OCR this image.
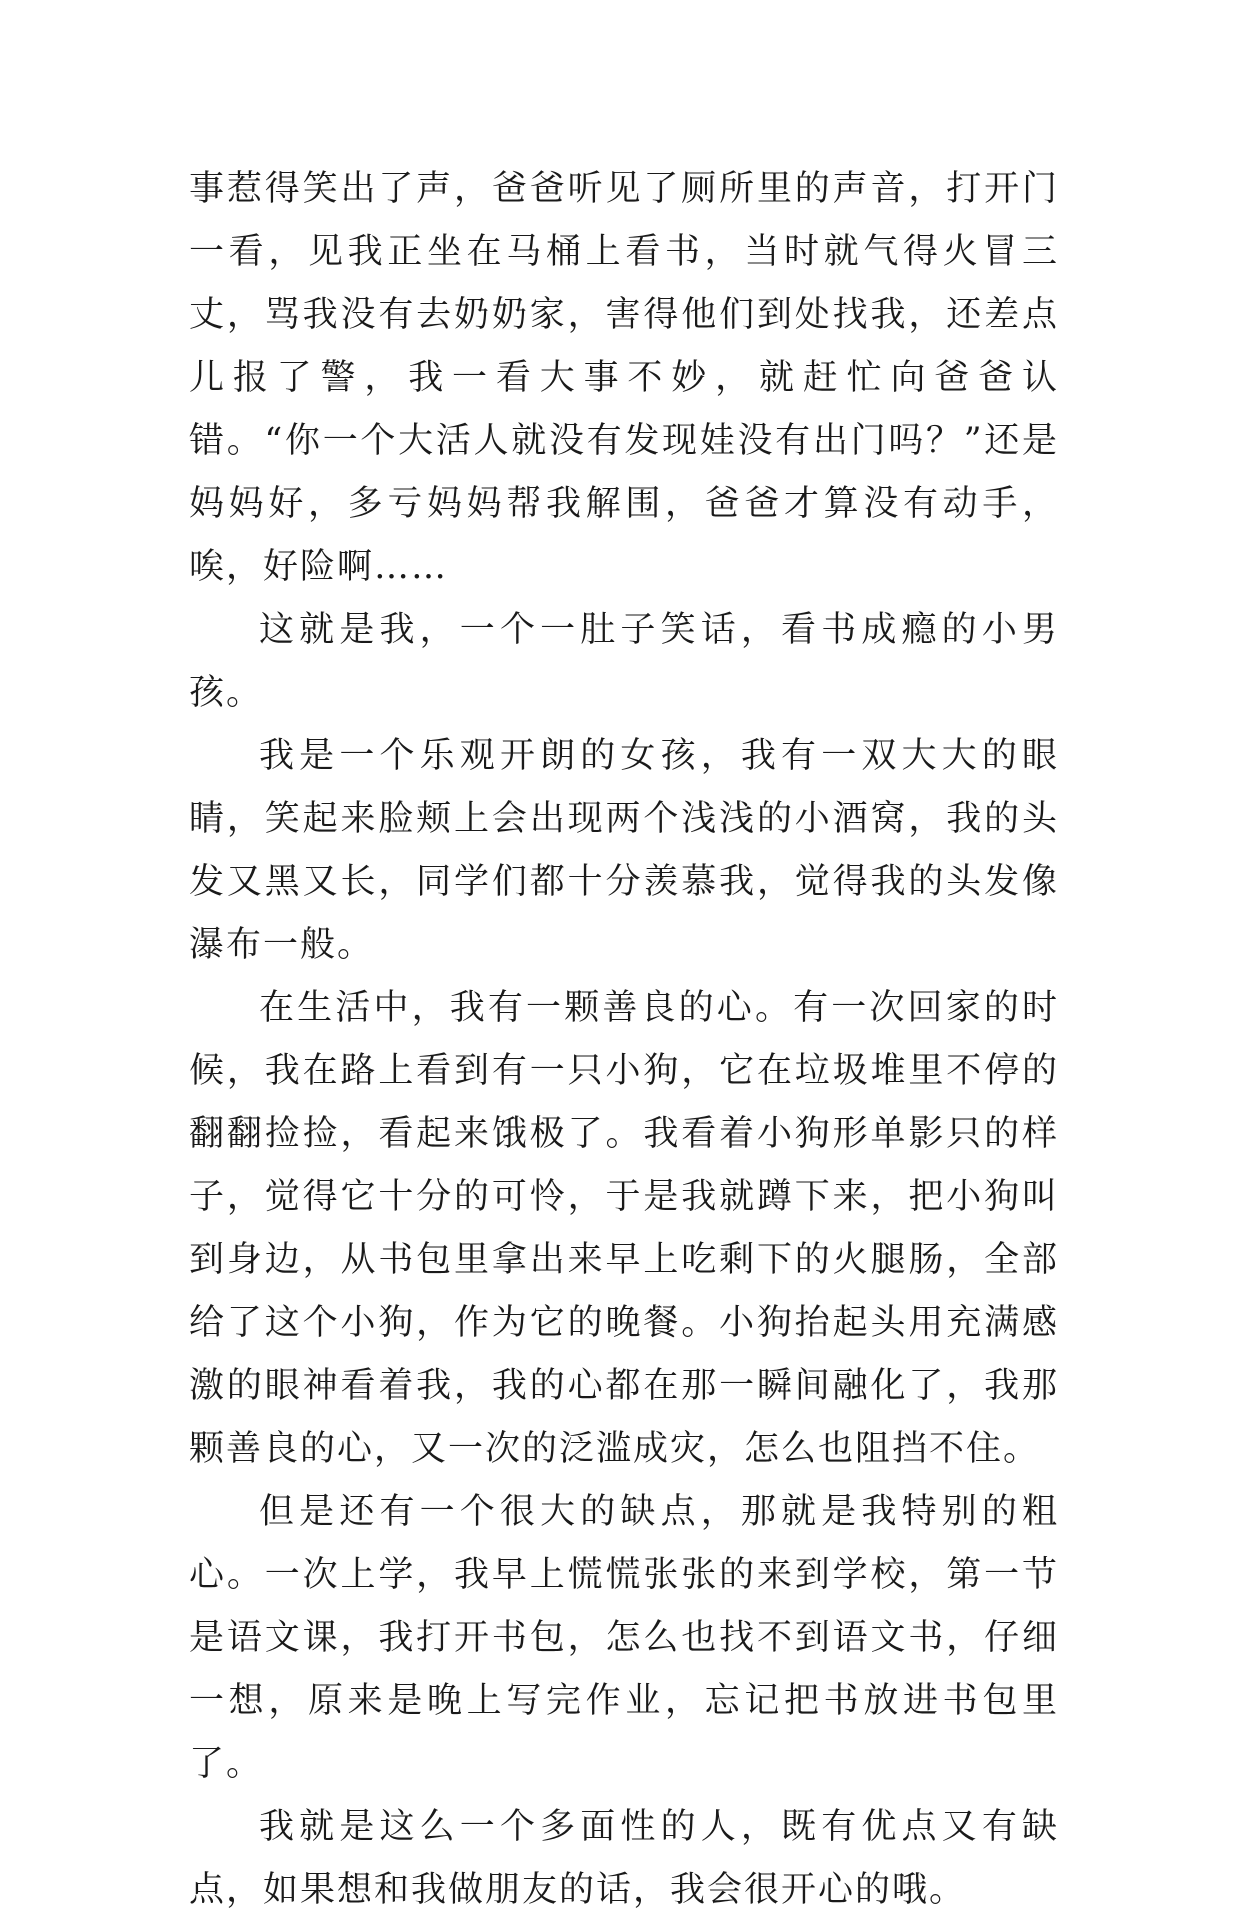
事惹得笑出了声，爸爸听见了厕所里的声音，打开门一看，见我正坐在马桶上看书，当时就气得火冒三丈，骂我没有去奶奶家，害得他们到处找我，还差点儿报了警，我一看大事不妙，就赶忙向爸爸认错。“你一个大活人就没有发现娃没有出门吗？”还是妈妈好，多亏妈妈帮我解围，爸爸才算没有动手，唉，好险啊……

这就是我，一个一肚子笑话，看书成瘾的小男孩。

我是一个乐观开朗的女孩，我有一双大大的眼睛，笑起来脸颊上会出现两个浅浅的小酒窝，我的头发又黑又长，同学们都十分羡慕我，觉得我的头发像瀑布一般。

在生活中，我有一颗善良的心。有一次回家的时候，我在路上看到有一只小狗，它在垃圾堆里不停的翻翻捡捡，看起来饿极了。我看着小狗形单影只的样子，觉得它十分的可怜，于是我就蹲下来，把小狗叫到身边，从书包里拿出来早上吃剩下的火腿肠，全部给了这个小狗，作为它的晚餐。小狗抬起头用充满感激的眼神看着我，我的心都在那一瞬间融化了，我那颗善良的心，又一次的泛滥成灾，怎么也阻挡不住。

但是还有一个很大的缺点，那就是我特别的粗心。一次上学，我早上慌慌张张的来到学校，第一节是语文课，我打开书包，怎么也找不到语文书，仔细一想，原来是晚上写完作业，忘记把书放进书包里了。

我就是这么一个多面性的人，既有优点又有缺点，如果想和我做朋友的话，我会很开心的哦。
